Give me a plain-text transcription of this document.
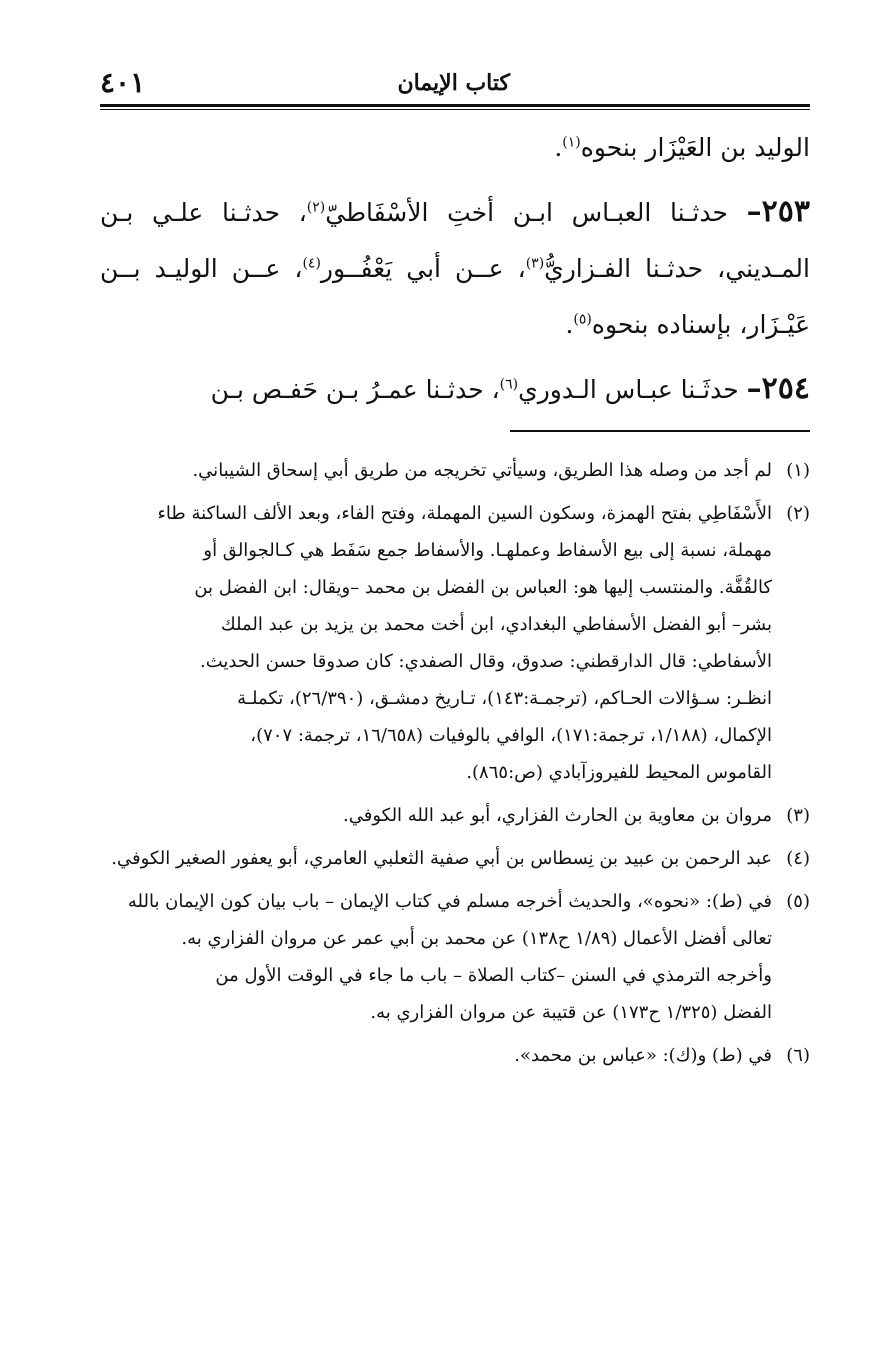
كتاب الإيمان
٤٠١

الوليد بن العَيْزَار بنحوه$^{(١)}$.

٢٥٣– حدثـنا العبـاس ابـن أختِ الأسْفَاطيّ$^{(٢)}$، حدثـنا علـي بـن المـديني، حدثـنا الفـزاريُّ$^{(٣)}$، عــن أبي يَعْفُــور$^{(٤)}$، عــن الوليـد بــن عَيْـزَار، بإسناده بنحوه$^{(٥)}$.

٢٥٤– حدثَـنا عبـاس الـدوري$^{(٦)}$، حدثـنا عمـرُ بـن حَفـص بـن

(١)
لم أجد من وصله هذا الطريق، وسيأتي تخريجه من طريق أبي إسحاق الشيباني.
(٢)
الأَسْفَاطِي بفتح الهمزة، وسكون السين المهملة، وفتح الفاء، وبعد الألف الساكنة طاء
مهملة، نسبة إلى بيع الأسفاط وعملهـا. والأسفاط جمع سَفَط هي كـالجوالق أو
كالقُفَّة. والمنتسب إليها هو: العباس بن الفضل بن محمد –ويقال: ابن الفضل بن
بشر– أبو الفضل الأسفاطي البغدادي، ابن أخت محمد بن يزيد بن عبد الملك
الأسفاطي: قال الدارقطني: صدوق، وقال الصفدي: كان صدوقا حسن الحديث.
انظـر: سـؤالات الحـاكم، (ترجمـة:١٤٣)، تـاريخ دمشـق، (٢٦/٣٩٠)، تكملـة
الإكمال، (١/١٨٨، ترجمة:١٧١)، الوافي بالوفيات (١٦/٦٥٨، ترجمة: ٧٠٧)،
القاموس المحيط للفيروزآبادي (ص:٨٦٥).
(٣)
مروان بن معاوية بن الحارث الفزاري، أبو عبد الله الكوفي.
(٤)
عبد الرحمن بن عبيد بن نِسطاس بن أبي صفية الثعلبي العامري، أبو يعفور الصغير الكوفي.
(٥)
في (ط): «نحوه»، والحديث أخرجه مسلم في كتاب الإيمان – باب بيان كون الإيمان بالله
تعالى أفضل الأعمال (١/٨٩ ح١٣٨) عن محمد بن أبي عمر عن مروان الفزاري به.
وأخرجه الترمذي في السنن –كتاب الصلاة – باب ما جاء في الوقت الأول من
الفضل (١/٣٢٥ ح١٧٣) عن قتيبة عن مروان الفزاري به.
(٦)
في (ط) و(ك): «عباس بن محمد».
